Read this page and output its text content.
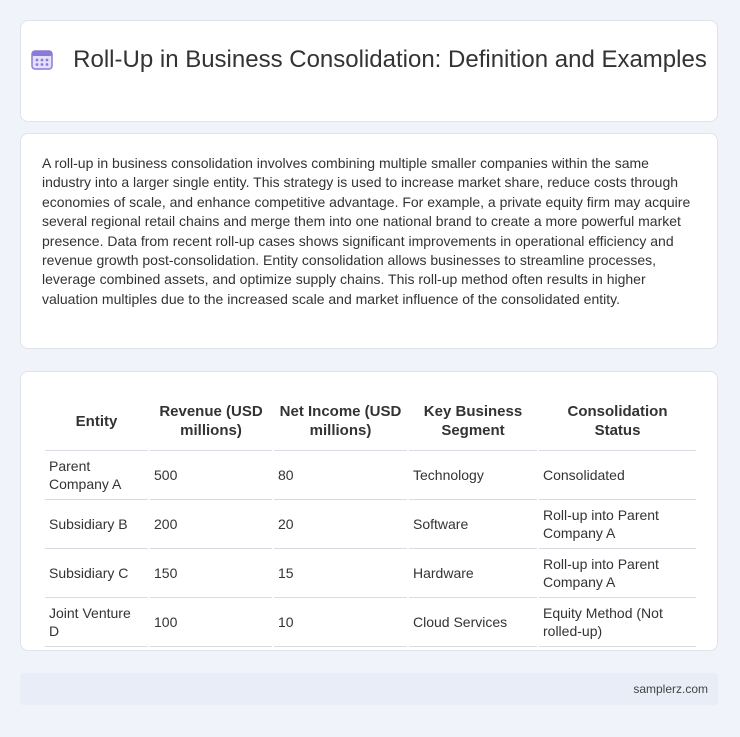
Roll-Up in Business Consolidation: Definition and Examples
A roll-up in business consolidation involves combining multiple smaller companies within the same industry into a larger single entity. This strategy is used to increase market share, reduce costs through economies of scale, and enhance competitive advantage. For example, a private equity firm may acquire several regional retail chains and merge them into one national brand to create a more powerful market presence. Data from recent roll-up cases shows significant improvements in operational efficiency and revenue growth post-consolidation. Entity consolidation allows businesses to streamline processes, leverage combined assets, and optimize supply chains. This roll-up method often results in higher valuation multiples due to the increased scale and market influence of the consolidated entity.
Entity	Revenue (USD millions)	Net Income (USD millions)	Key Business Segment	Consolidation Status
Parent Company A	500	80	Technology	Consolidated
Subsidiary B	200	20	Software	Roll-up into Parent Company A
Subsidiary C	150	15	Hardware	Roll-up into Parent Company A
Joint Venture D	100	10	Cloud Services	Equity Method (Not rolled-up)
samplerz.com
